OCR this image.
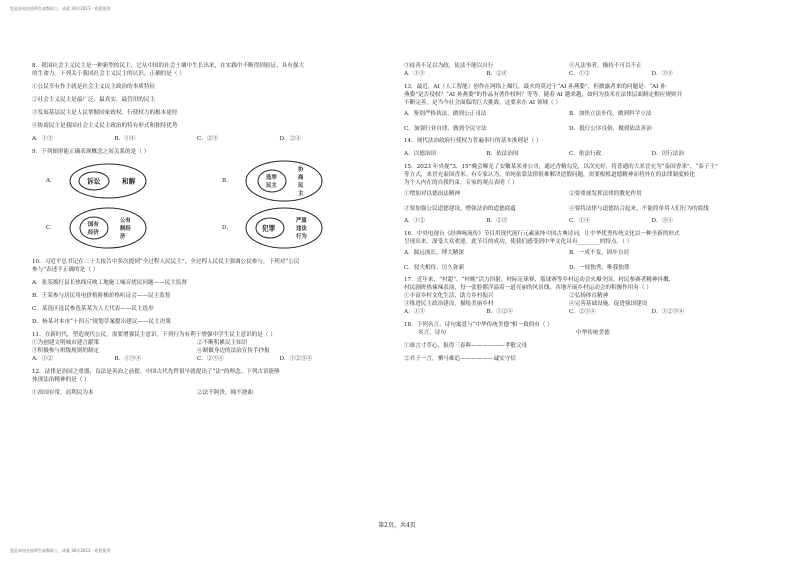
您是本校在校师生或教职工，成就 30计2013 · 欢迎使用
8．我国社会主义民主是一种新型的民主，它从中国的社会土壤中生长出来，在实践中不断得到验证，具有强大
的生命力。下列关于我国社会主义民主的认识，正确的是（ ）
①公民享有作主就是社会主义民主政治的本质特征
②社会主义民主是最广泛、最真实、最管用的民主
③发展基层民主是人民掌握国家政权、行使权力的根本途径
④协商民主是我国社会主义民主政治的特有形式和独特优势
A．①③	B．①④	C．②③	D．②④
9．下列图形能正确表现概念之间关系的是（ ）
A．	诉讼	和解	B．	选举
民主
协
商
民
主
C．	国有
经济
公有
制经
济
D．	犯罪
严重
违法
行为
10．习近平总书记在二十大报告中多次提到“全过程人民民主”，全过程人民民主强调公民参与，下列对“公民
参与”表述不正确的是（ ）
A．张某拨打县长热线反映工地施工噪音扰民问题——民主监督
B．王某参与居民用电价格阶梯价格听证会——民主监督
C．某选区选民参选某某为人大代表——民主选举
D．杨某对本市“十四五”规划草案提出建议——民主决策
11．在新时代，塑造现代公民，需要增强民主意识。下列行为有利于增强中学生民主意识的是（ ）
①为创建文明城市建言献策	②不断积累民主知识
③积极参与班级规则的制定	④制做身边的法治宣传手抄报
A．①②	B．①③④	C．②③④	D．①②③④
12．法律是治国之重器，良法是善治之前提。中国古代先哲很早就提出了“法”的理念。下列古语能够
体现法治精神的是（ ）
①治国有常，而利民为本	②法不阿贵，绳不挠曲
③徒善不足以为政，徒法不能以自行	④凡法事者，操持不可以不正
A．①③	B．②④	C．①②	D．③④
13．最近，AI（人工智能）创作在网络上爆红，最火的莫过于“AI 孙燕姿”，但披露者来的问题是：“AI 孙
燕姿”是否侵权？“AI 孙燕姿”的作品有著作权吗？等等。随着 AI 越来越，如何为技术在法律层面制定相应规则并
不断完善，是当今社会面临的巨大挑战。这要求在 AI 领域（ ）
A．鉴别严格执法，做到公正司法	B．加快立法步伐，做到科学立法
C．加强行业自律，做到全民守法	D．抵行公序良俗，做到依法善治
14．现代法治政府行使权力普遍奉行的基本准则是（ ）
A．以德治国	B．依法治国	C．依法行政	D．厉行法治
15．2023 年央视“3．15”晚会曝光了安徽某米业公司，通过香精勾兑，以次充好，将普通的大米冒充为“泰国香米”、“泰子王”
等方式，来冒充泰国香米。有专家认为，单纯依靠法律很难解决造假问题，需要根植道德精神而将外在的法律制度转化
为个人内在的自我约束。专家的观点表明（ ）
①增加对以德治法精神	②要重视发挥法律的教化作用
③要加强公民道德建设，增强法治的道德底蕴	④要将法律与道德结合起来，不能简单用人们行为的底线
A．①②	B．②③	C．①④	D．③④
16．中央电视台《经典咏流传》节目用现代流行元素演绎中国古典诗词，让中华优秀传统文化以一种全新的形式
呈现出来，深受大众欢迎。此节目的成功，使我们感受到中华文化具有________的特点。（ ）
A．源远流长、博大精深	B．一成不变、固步自封
C．驳夫相侍、厉久弥新	D．一枝独秀、唯我独尊
17．近年来，“村超”、“村晚”活力四射，村际足球赛、篮球赛等乡村运动会火爆全国。村民参赛者精神抖擞，
村民剧班热辣辣表演，每一张脸都洋溢着一道亮丽的风景线。各地开展乡村运动会的积极作用有（ ）
①丰富乡村文化生活，助力乡村振兴	②弘扬体育精神
③推进民主政治建设，描绘美丽乡村	④完善基础设施，促进强国建设
A．①③	B．①②④	C．②③④	D．①②③④
18．下列名言、诗句寓意与“中华传统美德”相一致的有（ ）
名言、诗句	中华传统美德
①谁言寸草心，报得三春晖——————孝敬父母
②君子一言，驷马难追——————诚实守信
第2页，共4页
您是本校在校师生或教职工，成就 30计2013 · 欢迎使用
